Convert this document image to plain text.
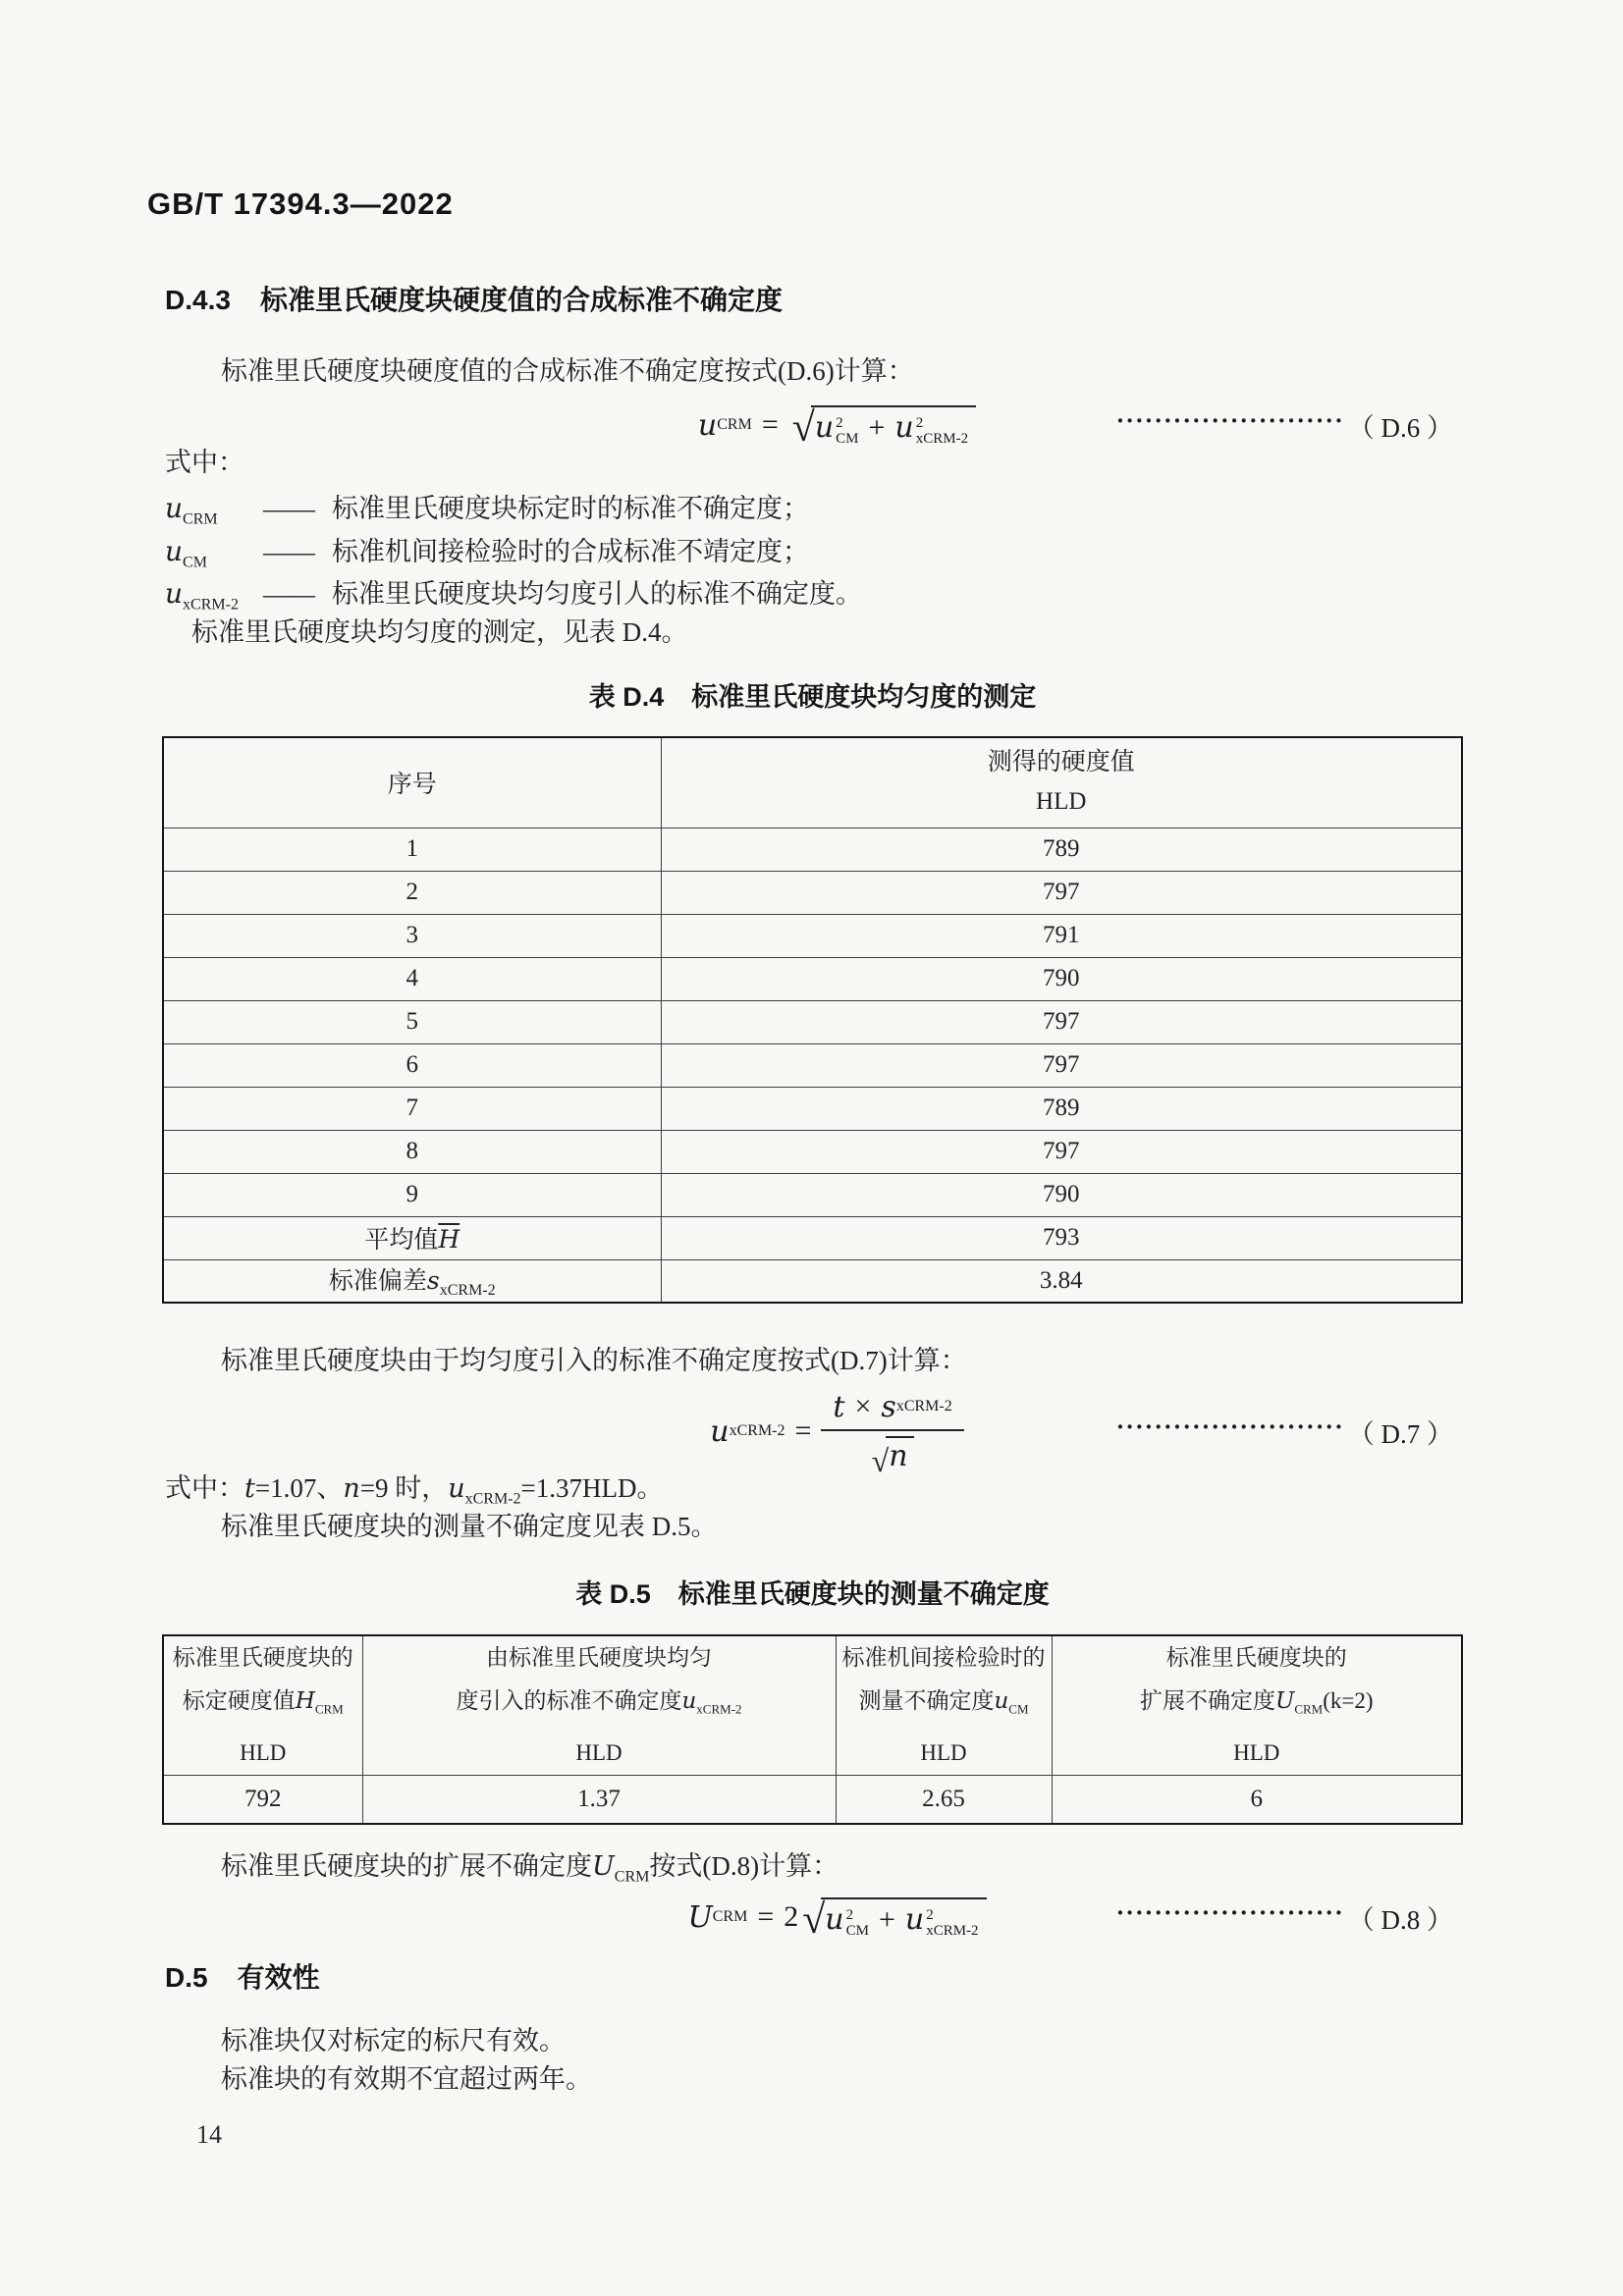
GB/T 17394.3—2022
D.4.3 标准里氏硬度块硬度值的合成标准不确定度
标准里氏硬度块硬度值的合成标准不确定度按式(D.6)计算：
u CRM = √ u 2
CM + u 2
xCRM-2
························ （ D.6 ）
式中：
$u_{CRM}$	—— 标准里氏硬度块标定时的标准不确定度；
$u_{CM}$	—— 标准机间接检验时的合成标准不靖定度；
$u_{xCRM-2}$ —— 标准里氏硬度块均匀度引人的标准不确定度。
标准里氏硬度块均匀度的测定，见表 D.4。
表 D.4 标准里氏硬度块均匀度的测定
序号	测得的硬度值
HLD

1	789
2	797
3	791
4	790
5	797
6	797
7	789
8	797
9	790
平均值$\overline{H}$	793
标准偏差$s_{xCRM-2}$	3.84
标准里氏硬度块由于均匀度引入的标准不确定度按式(D.7)计算：
u xCRM-2 = $\frac{\text{t × s xCRM-2}}{√ n}$	························ （ D.7 ）
式中：t=1.07、n=9 时，$u_{xCRM-2}=1.37HLD$。
标准里氏硬度块的测量不确定度见表 D.5。
表 D.5 标准里氏硬度块的测量不确定度
标准里氏硬度块的
标定硬度值$H_{CRM}$
HLD	由标准里氏硬度块均匀
度引入的标准不确定度$u_{xCRM-2}$
HLD	标准机间接检验时的
测量不确定度$u_{CM}$
HLD	标准里氏硬度块的
扩展不确定度$U_{CRM}(k=2)$
HLD

792	1.37	2.65	6
标准里氏硬度块的扩展不确定度$U_{CRM}$按式(D.8)计算：
U CRM = 2 √ u 2
CM + u 2
xCRM-2
························ （ D.8 ）
D.5 有效性
标准块仅对标定的标尺有效。
标准块的有效期不宜超过两年。
14
